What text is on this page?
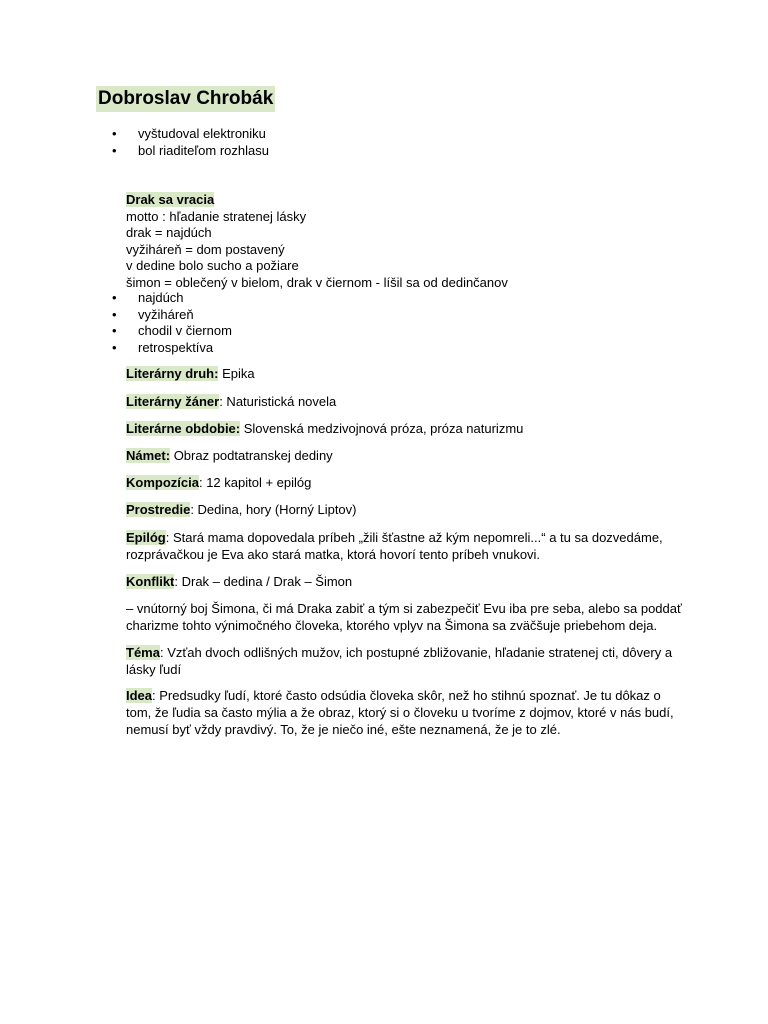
Dobroslav Chrobák
• vyštudoval elektroniku
• bol riaditeľom rozhlasu
Drak sa vracia
motto : hľadanie stratenej lásky
drak = najdúch
vyžiháreň = dom postavený
v dedine bolo sucho a požiare
šimon = oblečený v bielom, drak v čiernom - líšil sa od dedinčanov
• najdúch
• vyžiháreň
• chodil v čiernom
• retrospektíva
Literárny druh: Epika
Literárny žáner: Naturistická novela
Literárne obdobie: Slovenská medzivojnová próza, próza naturizmu
Námet: Obraz podtatranskej dediny
Kompozícia: 12 kapitol + epilóg
Prostredie: Dedina, hory (Horný Liptov)
Epilóg: Stará mama dopovedala príbeh „žili šťastne až kým nepomreli...“ a tu sa dozvedáme, rozprávačkou je Eva ako stará matka, ktorá hovorí tento príbeh vnukovi.
Konflikt: Drak – dedina / Drak – Šimon
– vnútorný boj Šimona, či má Draka zabiť a tým si zabezpečiť Evu iba pre seba, alebo sa poddať charizme tohto výnimočného človeka, ktorého vplyv na Šimona sa zväčšuje priebehom deja.
Téma: Vzťah dvoch odlišných mužov, ich postupné zbližovanie, hľadanie stratenej cti, dôvery a lásky ľudí
Idea: Predsudky ľudí, ktoré často odsúdia človeka skôr, než ho stihnú spoznať. Je tu dôkaz o tom, že ľudia sa často mýlia a že obraz, ktorý si o človeku u tvoríme z dojmov, ktoré v nás budí, nemusí byť vždy pravdivý. To, že je niečo iné, ešte neznamená, že je to zlé.
